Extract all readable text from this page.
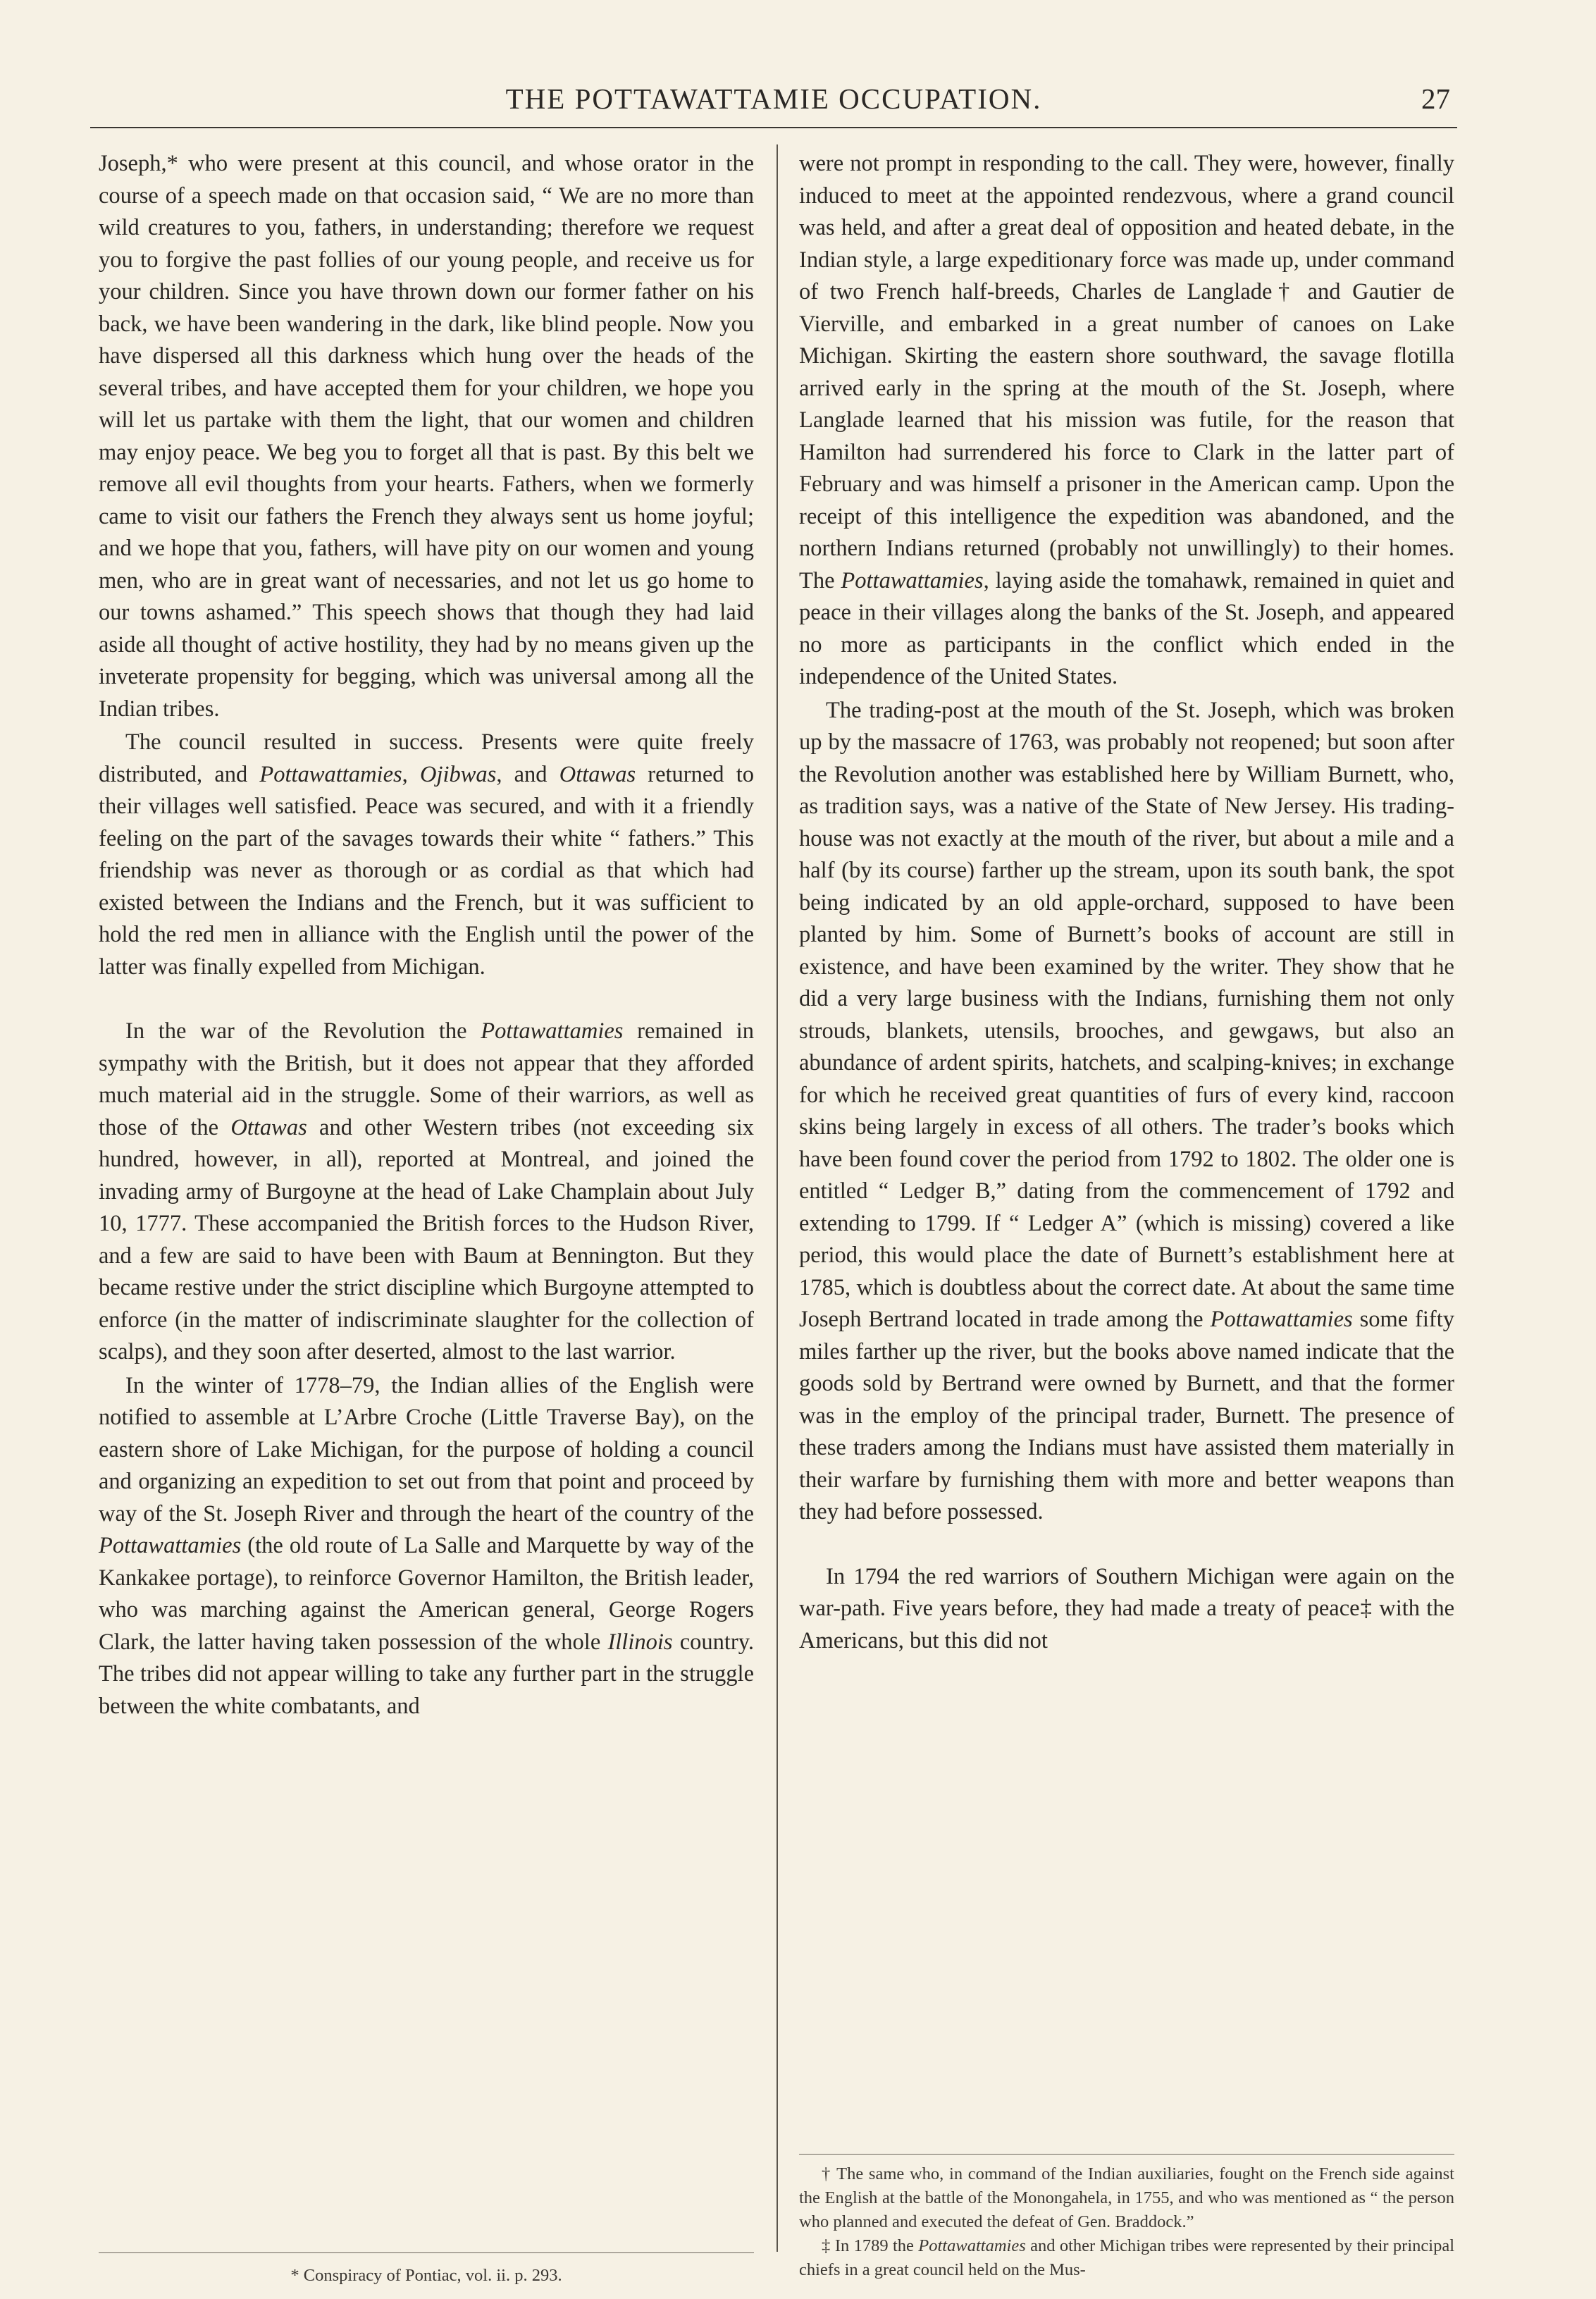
THE POTTAWATTAMIE OCCUPATION.	27

Joseph,* who were present at this council, and whose orator in the course of a speech made on that occasion said, “ We are no more than wild creatures to you, fathers, in understanding; therefore we request you to forgive the past follies of our young people, and receive us for your children. Since you have thrown down our former father on his back, we have been wandering in the dark, like blind people. Now you have dispersed all this darkness which hung over the heads of the several tribes, and have accepted them for your children, we hope you will let us partake with them the light, that our women and children may enjoy peace. We beg you to forget all that is past. By this belt we remove all evil thoughts from your hearts. Fathers, when we formerly came to visit our fathers the French they always sent us home joyful; and we hope that you, fathers, will have pity on our women and young men, who are in great want of necessaries, and not let us go home to our towns ashamed.” This speech shows that though they had laid aside all thought of active hostility, they had by no means given up the inveterate propensity for begging, which was universal among all the Indian tribes.

The council resulted in success. Presents were quite freely distributed, and Pottawattamies, Ojibwas, and Ottawas returned to their villages well satisfied. Peace was secured, and with it a friendly feeling on the part of the savages towards their white “ fathers.” This friendship was never as thorough or as cordial as that which had existed between the Indians and the French, but it was sufficient to hold the red men in alliance with the English until the power of the latter was finally expelled from Michigan.

In the war of the Revolution the Pottawattamies remained in sympathy with the British, but it does not appear that they afforded much material aid in the struggle. Some of their warriors, as well as those of the Ottawas and other Western tribes (not exceeding six hundred, however, in all), reported at Montreal, and joined the invading army of Burgoyne at the head of Lake Champlain about July 10, 1777. These accompanied the British forces to the Hudson River, and a few are said to have been with Baum at Bennington. But they became restive under the strict discipline which Burgoyne attempted to enforce (in the matter of indiscriminate slaughter for the collection of scalps), and they soon after deserted, almost to the last warrior.

In the winter of 1778–79, the Indian allies of the English were notified to assemble at L’Arbre Croche (Little Traverse Bay), on the eastern shore of Lake Michigan, for the purpose of holding a council and organizing an expedition to set out from that point and proceed by way of the St. Joseph River and through the heart of the country of the Pottawattamies (the old route of La Salle and Marquette by way of the Kankakee portage), to reinforce Governor Hamilton, the British leader, who was marching against the American general, George Rogers Clark, the latter having taken possession of the whole Illinois country. The tribes did not appear willing to take any further part in the struggle between the white combatants, and

were not prompt in responding to the call. They were, however, finally induced to meet at the appointed rendezvous, where a grand council was held, and after a great deal of opposition and heated debate, in the Indian style, a large expeditionary force was made up, under command of two French half-breeds, Charles de Langlade† and Gautier de Vierville, and embarked in a great number of canoes on Lake Michigan. Skirting the eastern shore southward, the savage flotilla arrived early in the spring at the mouth of the St. Joseph, where Langlade learned that his mission was futile, for the reason that Hamilton had surrendered his force to Clark in the latter part of February and was himself a prisoner in the American camp. Upon the receipt of this intelligence the expedition was abandoned, and the northern Indians returned (probably not unwillingly) to their homes. The Pottawattamies, laying aside the tomahawk, remained in quiet and peace in their villages along the banks of the St. Joseph, and appeared no more as participants in the conflict which ended in the independence of the United States.

The trading-post at the mouth of the St. Joseph, which was broken up by the massacre of 1763, was probably not reopened; but soon after the Revolution another was established here by William Burnett, who, as tradition says, was a native of the State of New Jersey. His trading-house was not exactly at the mouth of the river, but about a mile and a half (by its course) farther up the stream, upon its south bank, the spot being indicated by an old apple-orchard, supposed to have been planted by him. Some of Burnett’s books of account are still in existence, and have been examined by the writer. They show that he did a very large business with the Indians, furnishing them not only strouds, blankets, utensils, brooches, and gewgaws, but also an abundance of ardent spirits, hatchets, and scalping-knives; in exchange for which he received great quantities of furs of every kind, raccoon skins being largely in excess of all others. The trader’s books which have been found cover the period from 1792 to 1802. The older one is entitled “ Ledger B,” dating from the commencement of 1792 and extending to 1799. If “ Ledger A” (which is missing) covered a like period, this would place the date of Burnett’s establishment here at 1785, which is doubtless about the correct date. At about the same time Joseph Bertrand located in trade among the Pottawattamies some fifty miles farther up the river, but the books above named indicate that the goods sold by Bertrand were owned by Burnett, and that the former was in the employ of the principal trader, Burnett. The presence of these traders among the Indians must have assisted them materially in their warfare by furnishing them with more and better weapons than they had before possessed.

In 1794 the red warriors of Southern Michigan were again on the war-path. Five years before, they had made a treaty of peace‡ with the Americans, but this did not

* Conspiracy of Pontiac, vol. ii. p. 293.

† The same who, in command of the Indian auxiliaries, fought on the French side against the English at the battle of the Monongahela, in 1755, and who was mentioned as “ the person who planned and executed the defeat of Gen. Braddock.”

‡ In 1789 the Pottawattamies and other Michigan tribes were represented by their principal chiefs in a great council held on the Mus-
